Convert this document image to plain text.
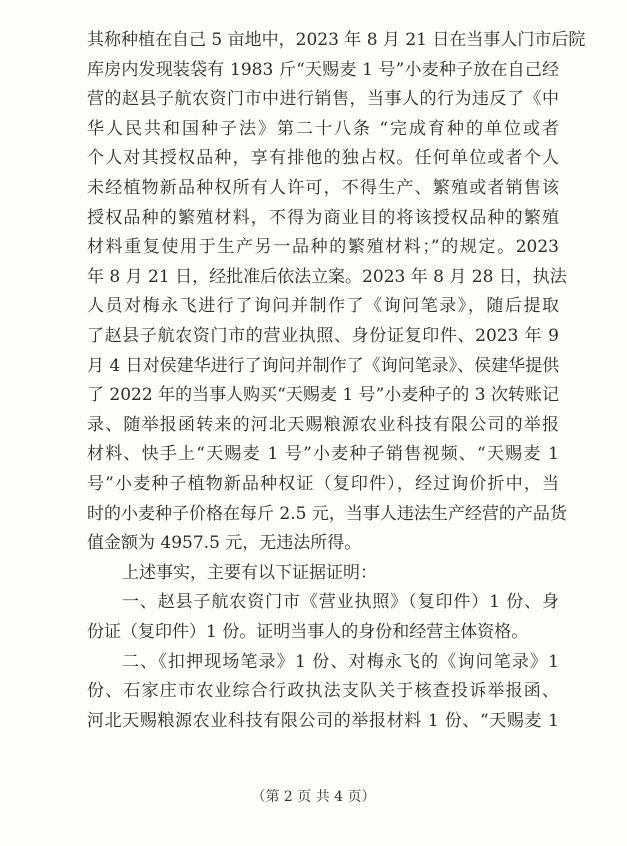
其称种植在自己 5 亩地中，2023 年 8 月 21 日在当事人门市后院
库房内发现装袋有 1983 斤“天赐麦 1 号”小麦种子放在自己经
营的赵县子航农资门市中进行销售，当事人的行为违反了《中
华人民共和国种子法》第二十八条 “完成育种的单位或者
个人对其授权品种，享有排他的独占权。任何单位或者个人
未经植物新品种权所有人许可，不得生产、繁殖或者销售该
授权品种的繁殖材料，不得为商业目的将该授权品种的繁殖
材料重复使用于生产另一品种的繁殖材料；”的规定。2023
年 8 月 21 日，经批准后依法立案。2023 年 8 月 28 日，执法
人员对梅永飞进行了询问并制作了《询问笔录》，随后提取
了赵县子航农资门市的营业执照、身份证复印件、2023 年 9
月 4 日对侯建华进行了询问并制作了《询问笔录》、侯建华提供
了 2022 年的当事人购买“天赐麦 1 号”小麦种子的 3 次转账记
录、随举报函转来的河北天赐粮源农业科技有限公司的举报
材料、快手上“天赐麦 1 号”小麦种子销售视频、“天赐麦 1
号”小麦种子植物新品种权证（复印件），经过询价折中，当
时的小麦种子价格在每斤 2.5 元，当事人违法生产经营的产品货
值金额为 4957.5 元，无违法所得。
上述事实，主要有以下证据证明：
一、赵县子航农资门市《营业执照》（复印件）1 份、身
份证（复印件）1 份。证明当事人的身份和经营主体资格。
二、《扣押现场笔录》1 份、对梅永飞的《询问笔录》1
份、石家庄市农业综合行政执法支队关于核查投诉举报函、
河北天赐粮源农业科技有限公司的举报材料 1 份、“天赐麦 1
（第 2 页 共 4 页）
